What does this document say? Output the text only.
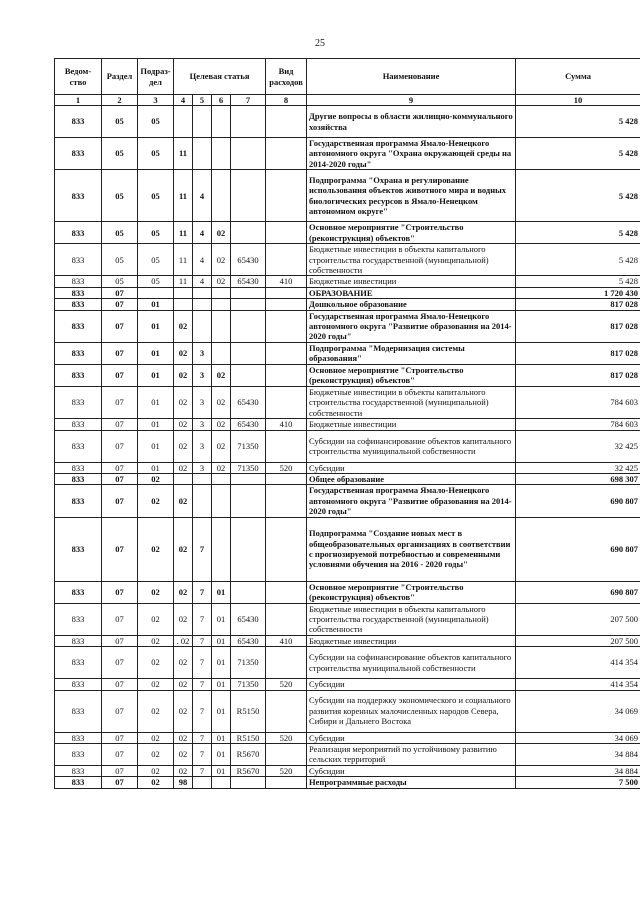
25
Ведом-ство	Раздел	Подраз-дел	Целевая статья				Вид расходов	Наименование	Сумма
1	2	3	4	5	6	7	8	9	10
833	05	05						Другие вопросы в области жилищно-коммунального хозяйства	5 428
833	05	05	11					Государственная программа Ямало-Ненецкого автономного округа "Охрана окружающей среды на 2014-2020 годы"	5 428
833	05	05	11	4				Подпрограмма "Охрана и регулирование использования объектов животного мира и водных биологических ресурсов в Ямало-Ненецком автономном округе"	5 428
833	05	05	11	4	02			Основное мероприятие "Строительство (реконструкция) объектов"	5 428
833	05	05	11	4	02	65430		Бюджетные инвестиции в объекты капитального строительства государственной (муниципальной) собственности	5 428
833	05	05	11	4	02	65430	410	Бюджетные инвестиции	5 428
833	07							ОБРАЗОВАНИЕ	1 720 430
833	07	01						Дошкольное образование	817 028
833	07	01	02					Государственная программа Ямало-Ненецкого автономного округа "Развитие образования на 2014-2020 годы"	817 028
833	07	01	02	3				Подпрограмма "Модернизация системы образования"	817 028
833	07	01	02	3	02			Основное мероприятие "Строительство (реконструкция) объектов"	817 028
833	07	01	02	3	02	65430		Бюджетные инвестиции в объекты капитального строительства государственной (муниципальной) собственности	784 603
833	07	01	02	3	02	65430	410	Бюджетные инвестиции	784 603
833	07	01	02	3	02	71350		Субсидии на софинансирование объектов капитального строительства муниципальной собственности	32 425
833	07	01	02	3	02	71350	520	Субсидии	32 425
833	07	02						Общее образование	698 307
833	07	02	02					Государственная программа Ямало-Ненецкого автономного округа "Развитие образования на 2014-2020 годы"	690 807
833	07	02	02	7				Подпрограмма "Создание новых мест в общеобразовательных организациях в соответствии с прогнозируемой потребностью и современными условиями обучения на 2016 - 2020 годы"	690 807
833	07	02	02	7	01			Основное мероприятие "Строительство (реконструкция) объектов"	690 807
833	07	02	02	7	01	65430		Бюджетные инвестиции в объекты капитального строительства государственной (муниципальной) собственности	207 500
833	07	02	. 02	7	01	65430	410	Бюджетные инвестиции	207 500
833	07	02	02	7	01	71350		Субсидии на софинансирование объектов капитального строительства муниципальной собственности	414 354
833	07	02	02	7	01	71350	520	Субсидии	414 354
833	07	02	02	7	01	R5150		Субсидии на поддержку экономического и социального развития коренных малочисленных народов Севера, Сибири и Дальнего Востока	34 069
833	07	02	02	7	01	R5150	520	Субсидии	34 069
833	07	02	02	7	01	R5670		Реализация мероприятий по устойчивому развитию сельских территорий	34 884
833	07	02	02	7	01	R5670	520	Субсидии	34 884
833	07	02	98					Непрограммные расходы	7 500
